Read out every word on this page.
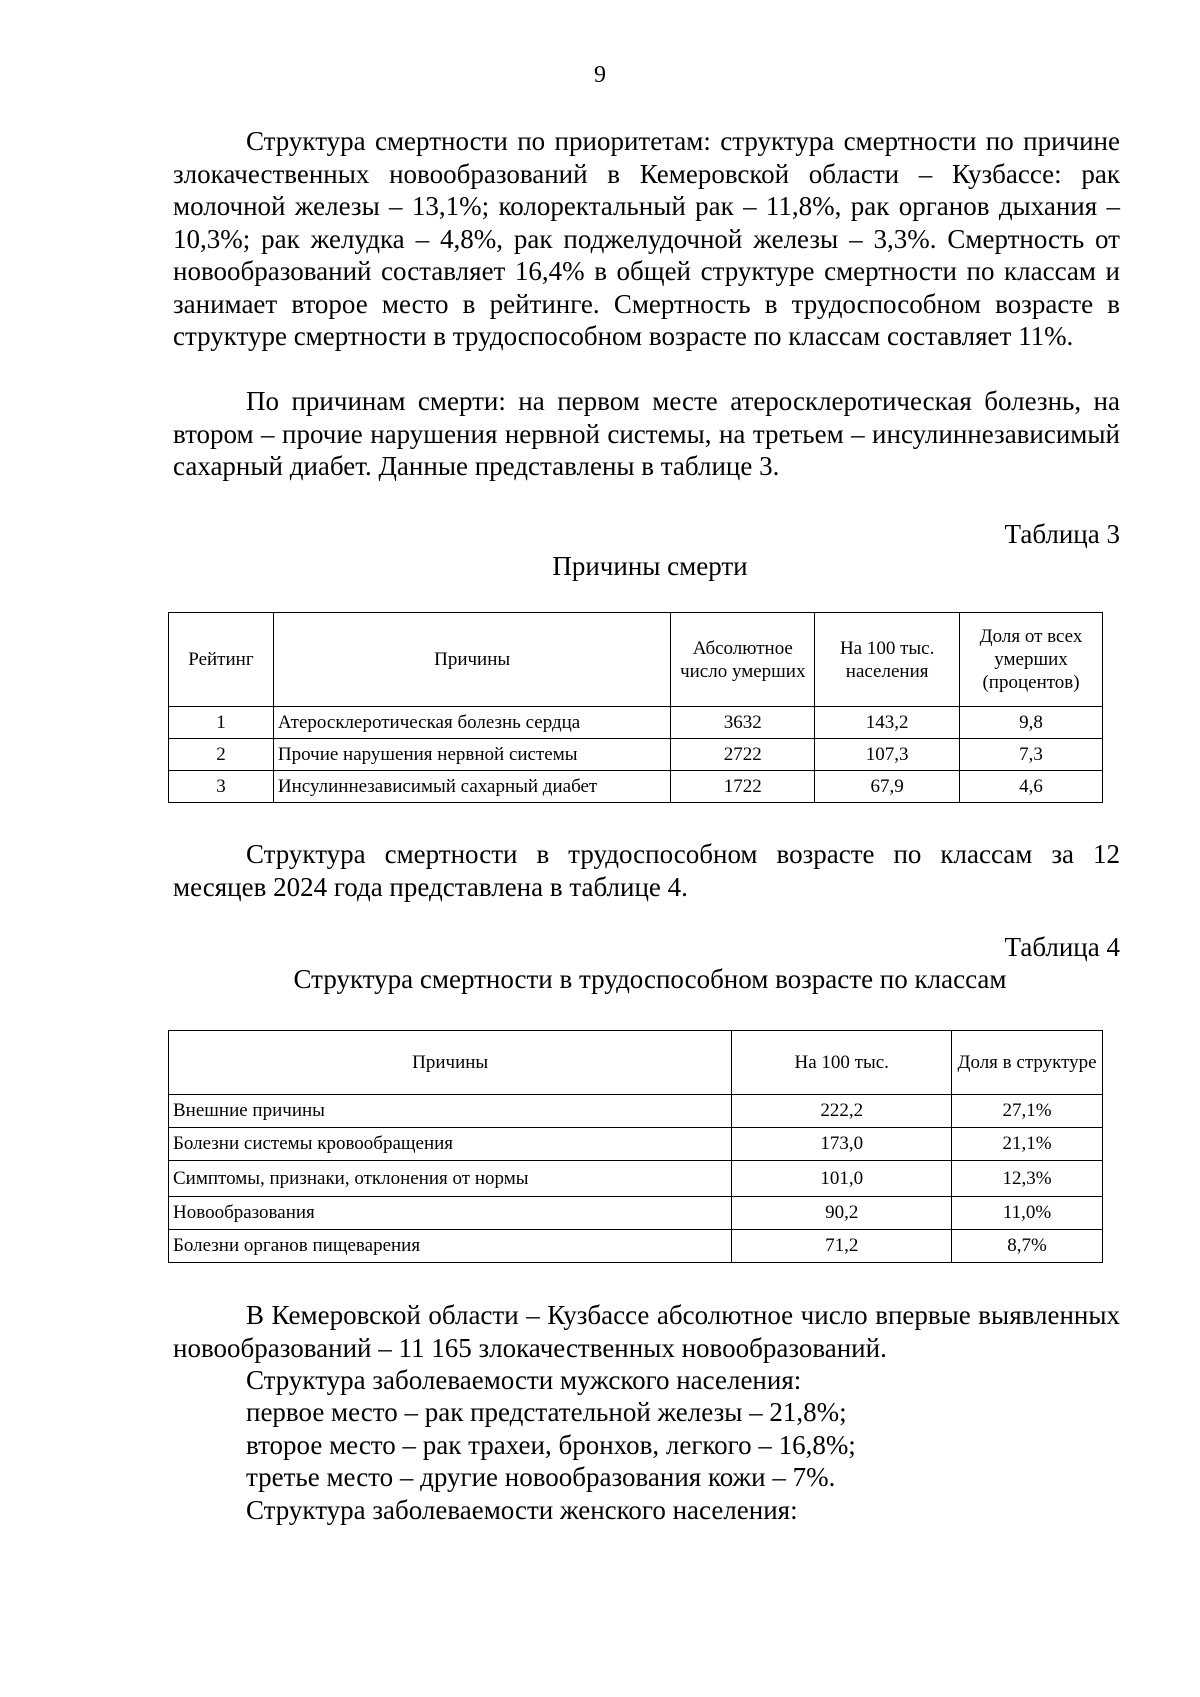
9

Структура смертности по приоритетам: структура смертности по причине злокачественных новообразований в Кемеровской области – Кузбассе: рак молочной железы – 13,1%; колоректальный рак – 11,8%, рак органов дыхания – 10,3%; рак желудка – 4,8%, рак поджелудочной железы – 3,3%. Смертность от новообразований составляет 16,4% в общей структуре смертности по классам и занимает второе место в рейтинге. Смертность в трудоспособном возрасте в структуре смертности в трудоспособном возрасте по классам составляет 11%.

По причинам смерти: на первом месте атеросклеротическая болезнь, на втором – прочие нарушения нервной системы, на третьем – инсулиннезависимый сахарный диабет. Данные представлены в таблице 3.

Таблица 3
Причины смерти
Рейтинг	Причины	Абсолютное число умерших	На 100 тыс. населения	Доля от всех умерших (процентов)
1	Атеросклеротическая болезнь сердца	3632	143,2	9,8
2	Прочие нарушения нервной системы	2722	107,3	7,3
3	Инсулиннезависимый сахарный диабет	1722	67,9	4,6

Структура смертности в трудоспособном возрасте по классам за 12 месяцев 2024 года представлена в таблице 4.

Таблица 4
Структура смертности в трудоспособном возрасте по классам
Причины	На 100 тыс.	Доля в структуре
Внешние причины	222,2	27,1%
Болезни системы кровообращения	173,0	21,1%
Симптомы, признаки, отклонения от нормы	101,0	12,3%
Новообразования	90,2	11,0%
Болезни органов пищеварения	71,2	8,7%

В Кемеровской области – Кузбассе абсолютное число впервые выявленных новообразований – 11 165 злокачественных новообразований.

Структура заболеваемости мужского населения:

первое место – рак предстательной железы – 21,8%;

второе место – рак трахеи, бронхов, легкого – 16,8%;

третье место – другие новообразования кожи – 7%.

Структура заболеваемости женского населения:
